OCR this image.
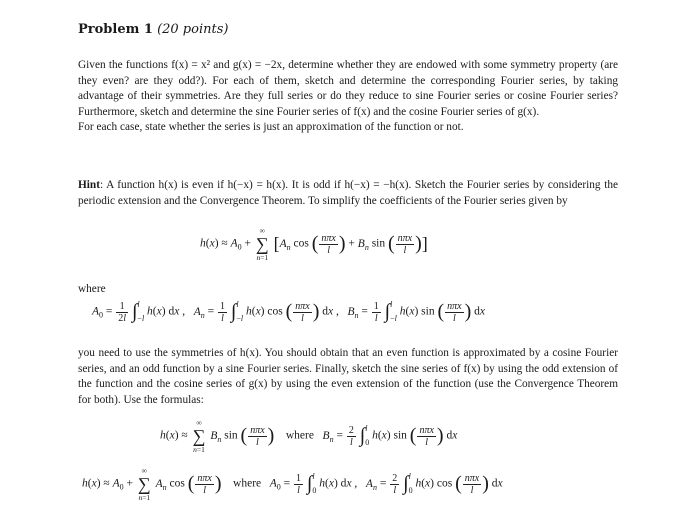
Problem 1 (20 points)
Given the functions f(x) = x² and g(x) = −2x, determine whether they are endowed with some symmetry property (are they even? are they odd?). For each of them, sketch and determine the corresponding Fourier series, by taking advantage of their symmetries. Are they full series or do they reduce to sine Fourier series or cosine Fourier series? Furthermore, sketch and determine the sine Fourier series of f(x) and the cosine Fourier series of g(x).
For each case, state whether the series is just an approximation of the function or not.
Hint: A function h(x) is even if h(−x) = h(x). It is odd if h(−x) = −h(x). Sketch the Fourier series by considering the periodic extension and the Convergence Theorem. To simplify the coefficients of the Fourier series given by
$h(x) \approx A_0$ +
∞
∑
n=1
[$A_n$ cos ( $\frac{\text{nπx}}{l}$ ) + $B_n$ sin ( $\frac{\text{nπx}}{l}$ )]
where
$A_0 = \frac{1}{2l} \int l$
−l h(x) dx ,   $A_n = \frac{1}{l} \int l$
−l h(x) cos ( $\frac{\text{nπx}}{l}$ ) dx ,   $B_n = \frac{1}{l} \int l$
−l h(x) sin ( $\frac{\text{nπx}}{l}$ ) dx
you need to use the symmetries of h(x). You should obtain that an even function is approximated by a cosine Fourier series, and an odd function by a sine Fourier series. Finally, sketch the sine series of f(x) by using the odd extension of the function and the cosine series of g(x) by using the even extension of the function (use the Convergence Theorem for both). Use the formulas:
h(x) ≈
∞
∑
n=1
$B_n$ sin ( $\frac{\text{nπx}}{l}$ ) where $B_n = \frac{2}{l} \int l$
0 h(x) sin ( $\frac{\text{nπx}}{l}$ ) dx
$h(x) \approx A_0$ +
∞
∑
n=1
$A_n$ cos ( $\frac{\text{nπx}}{l}$ ) where $A_0 = \frac{1}{l} \int l$
0 h(x) dx ,   $A_n = \frac{2}{l} \int l$
0 h(x) cos ( $\frac{\text{nπx}}{l}$ ) dx
